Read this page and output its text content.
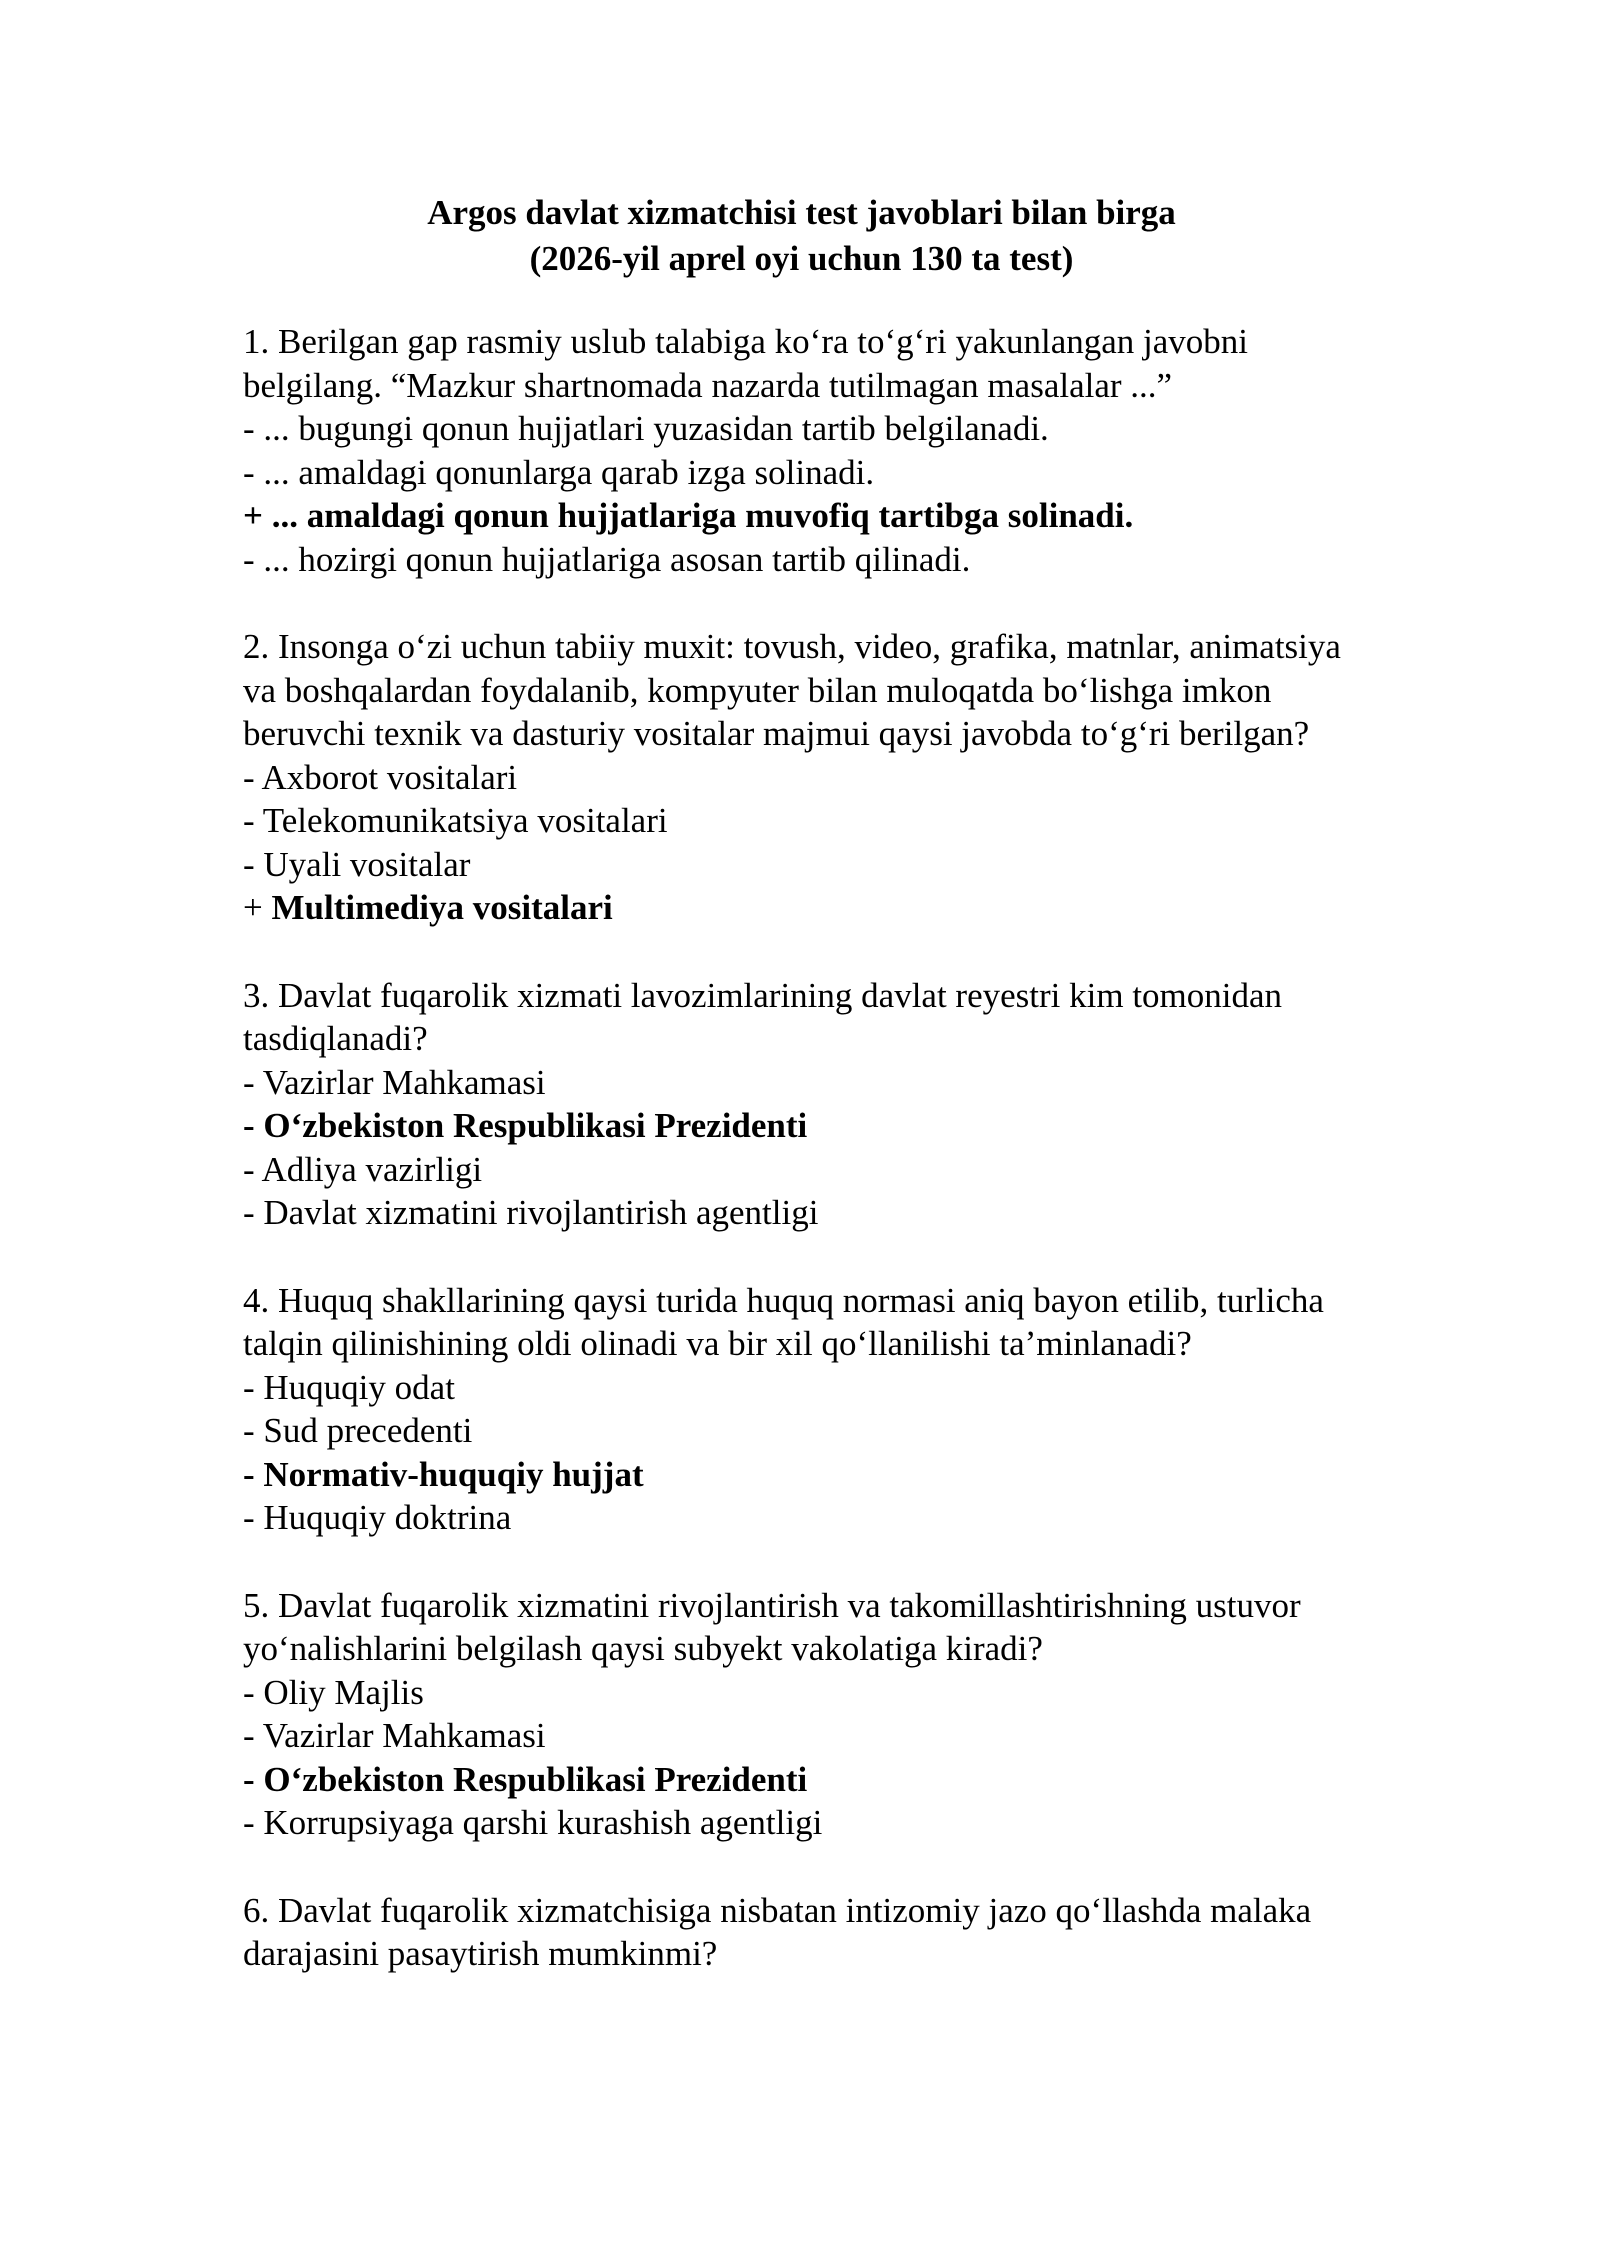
Argos davlat xizmatchisi test javoblari bilan birga
(2026-yil aprel oyi uchun 130 ta test)
1. Berilgan gap rasmiy uslub talabiga koʻra toʻgʻri yakunlangan javobni belgilang. “Mazkur shartnomada nazarda tutilmagan masalalar ...”
- ... bugungi qonun hujjatlari yuzasidan tartib belgilanadi.
- ... amaldagi qonunlarga qarab izga solinadi.
+ ... amaldagi qonun hujjatlariga muvofiq tartibga solinadi.
- ... hozirgi qonun hujjatlariga asosan tartib qilinadi.
2. Insonga oʻzi uchun tabiiy muxit: tovush, video, grafika, matnlar, animatsiya va boshqalardan foydalanib, kompyuter bilan muloqatda boʻlishga imkon beruvchi texnik va dasturiy vositalar majmui qaysi javobda toʻgʻri berilgan?
- Axborot vositalari
- Telekomunikatsiya vositalari
- Uyali vositalar
+ Multimediya vositalari
3. Davlat fuqarolik xizmati lavozimlarining davlat reyestri kim tomonidan tasdiqlanadi?
- Vazirlar Mahkamasi
- Oʻzbekiston Respublikasi Prezidenti
- Adliya vazirligi
- Davlat xizmatini rivojlantirish agentligi
4. Huquq shakllarining qaysi turida huquq normasi aniq bayon etilib, turlicha talqin qilinishining oldi olinadi va bir xil qoʻllanilishi taʼminlanadi?
- Huquqiy odat
- Sud precedenti
- Normativ-huquqiy hujjat
- Huquqiy doktrina
5. Davlat fuqarolik xizmatini rivojlantirish va takomillashtirishning ustuvor yoʻnalishlarini belgilash qaysi subyekt vakolatiga kiradi?
- Oliy Majlis
- Vazirlar Mahkamasi
- Oʻzbekiston Respublikasi Prezidenti
- Korrupsiyaga qarshi kurashish agentligi
6. Davlat fuqarolik xizmatchisiga nisbatan intizomiy jazo qoʻllashda malaka darajasini pasaytirish mumkinmi?
